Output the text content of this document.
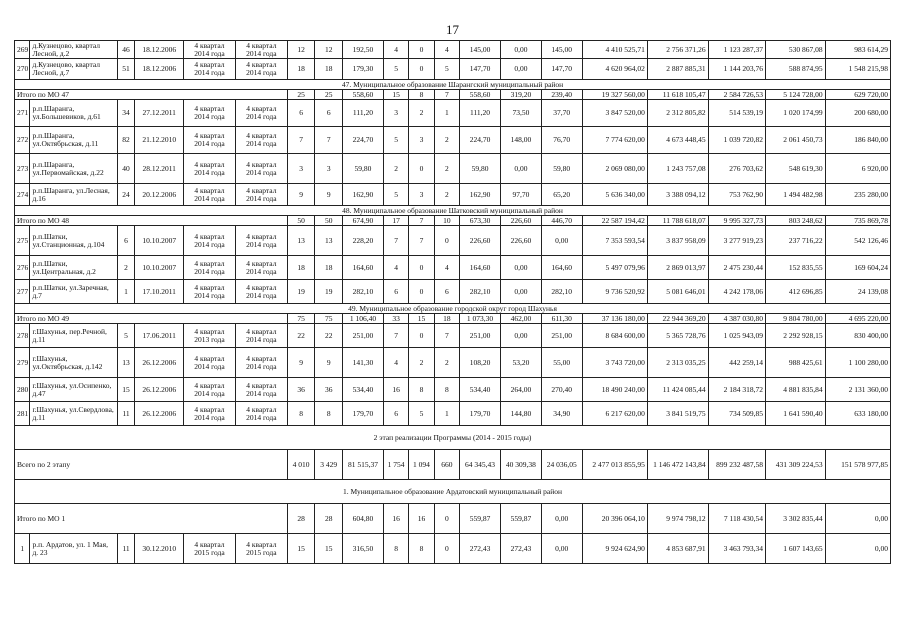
17
269	д.Кузнецово, квартал Лесной, д.2	46	18.12.2006	4 квартал 2014 года	4 квартал 2014 года	12	12	192,50	4	0	4	145,00	0,00	145,00	4 410 525,71	2 756 371,26	1 123 287,37	530 867,08	983 614,29
270	д.Кузнецово, квартал Лесной, д.7	51	18.12.2006	4 квартал 2014 года	4 квартал 2014 года	18	18	179,30	5	0	5	147,70	0,00	147,70	4 620 964,02	2 887 885,31	1 144 203,76	588 874,95	1 548 215,98
47. Муниципальное образование Шарангский муниципальный район																			
Итого по МО 47						25	25	558,60	15	8	7	558,60	319,20	239,40	19 327 560,00	11 618 105,47	2 584 726,53	5 124 728,00	629 720,00
271	р.п.Шаранга, ул.Большевиков, д.61	34	27.12.2011	4 квартал 2014 года	4 квартал 2014 года	6	6	111,20	3	2	1	111,20	73,50	37,70	3 847 520,00	2 312 805,82	514 539,19	1 020 174,99	200 680,00
272	р.п.Шаранга, ул.Октябрьская, д.11	82	21.12.2010	4 квартал 2014 года	4 квартал 2014 года	7	7	224,70	5	3	2	224,70	148,00	76,70	7 774 620,00	4 673 448,45	1 039 720,82	2 061 450,73	186 840,00
273	р.п.Шаранга, ул.Первомайская, д.22	40	28.12.2011	4 квартал 2014 года	4 квартал 2014 года	3	3	59,80	2	0	2	59,80	0,00	59,80	2 069 080,00	1 243 757,08	276 703,62	548 619,30	6 920,00
274	р.п.Шаранга, ул.Лесная, д.16	24	20.12.2006	4 квартал 2014 года	4 квартал 2014 года	9	9	162,90	5	3	2	162,90	97,70	65,20	5 636 340,00	3 388 094,12	753 762,90	1 494 482,98	235 280,00
48. Муниципальное образование Шатковский муниципальный район																			
Итого по МО 48						50	50	674,90	17	7	10	673,30	226,60	446,70	22 587 194,42	11 788 618,07	9 995 327,73	803 248,62	735 869,78
275	р.п.Шатки, ул.Станционная, д.104	6	10.10.2007	4 квартал 2014 года	4 квартал 2014 года	13	13	228,20	7	7	0	226,60	226,60	0,00	7 353 593,54	3 837 958,09	3 277 919,23	237 716,22	542 126,46
276	р.п.Шатки, ул.Центральная, д.2	2	10.10.2007	4 квартал 2014 года	4 квартал 2014 года	18	18	164,60	4	0	4	164,60	0,00	164,60	5 497 079,96	2 869 013,97	2 475 230,44	152 835,55	169 604,24
277	р.п.Шатки, ул.Заречная, д.7	1	17.10.2011	4 квартал 2014 года	4 квартал 2014 года	19	19	282,10	6	0	6	282,10	0,00	282,10	9 736 520,92	5 081 646,01	4 242 178,06	412 696,85	24 139,08
49. Муниципальное образование городской округ город Шахунья																			
Итого по МО 49						75	75	1 106,40	33	15	18	1 073,30	462,00	611,30	37 136 180,00	22 944 369,20	4 387 030,80	9 804 780,00	4 695 220,00
278	г.Шахунья, пер.Речной, д.11	5	17.06.2011	4 квартал 2013 года	4 квартал 2014 года	22	22	251,00	7	0	7	251,00	0,00	251,00	8 684 600,00	5 365 728,76	1 025 943,09	2 292 928,15	830 400,00
279	г.Шахунья, ул.Октябрьская, д.142	13	26.12.2006	4 квартал 2014 года	4 квартал 2014 года	9	9	141,30	4	2	2	108,20	53,20	55,00	3 743 720,00	2 313 035,25	442 259,14	988 425,61	1 100 280,00
280	г.Шахунья, ул.Осипенко, д.47	15	26.12.2006	4 квартал 2014 года	4 квартал 2014 года	36	36	534,40	16	8	8	534,40	264,00	270,40	18 490 240,00	11 424 085,44	2 184 318,72	4 881 835,84	2 131 360,00
281	г.Шахунья, ул.Свердлова, д.11	11	26.12.2006	4 квартал 2014 года	4 квартал 2014 года	8	8	179,70	6	5	1	179,70	144,80	34,90	6 217 620,00	3 841 519,75	734 509,85	1 641 590,40	633 180,00
2 этап реализации Программы (2014 - 2015 годы)																			
Всего по 2 этапу						4 010	3 429	81 515,37	1 754	1 094	660	64 345,43	40 309,38	24 036,05	2 477 013 855,95	1 146 472 143,84	899 232 487,58	431 309 224,53	151 578 977,85
1. Муниципальное образование Ардатовский муниципальный район																			
Итого по МО 1						28	28	604,80	16	16	0	559,87	559,87	0,00	20 396 064,10	9 974 798,12	7 118 430,54	3 302 835,44	0,00
1	р.п. Ардатов, ул. 1 Мая, д. 23	11	30.12.2010	4 квартал 2015 года	4 квартал 2015 года	15	15	316,50	8	8	0	272,43	272,43	0,00	9 924 624,90	4 853 687,91	3 463 793,34	1 607 143,65	0,00
